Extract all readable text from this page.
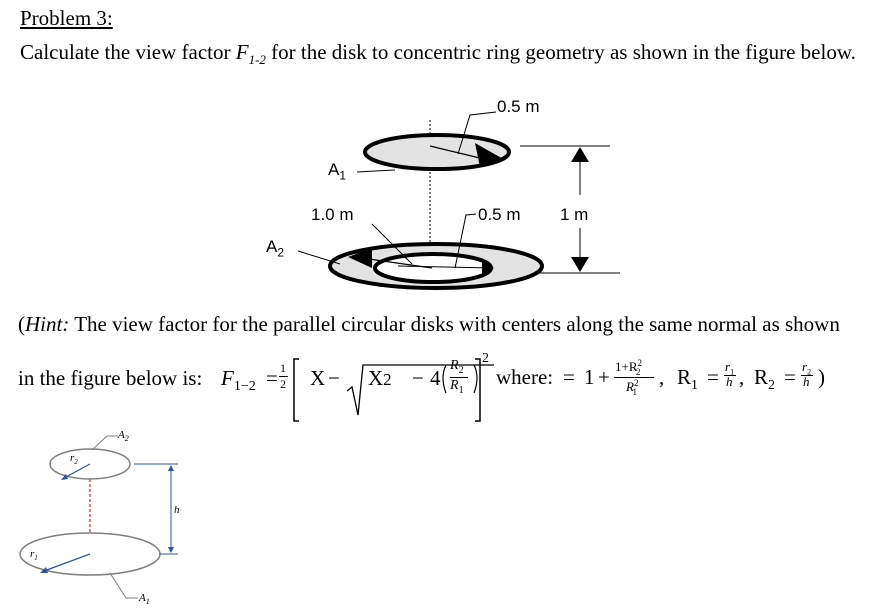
Problem 3:
Calculate the view factor $F_{1-2}$ for the disk to concentric ring geometry as shown in the figure below.
0.5 m
$A_1$
1.0 m	0.5 m 1 m
$A_2$
(Hint: The view factor for the parallel circular disks with centers along the same normal as shown
in the figure below is: $F_{1-2} = 1$
2 X − X2 − 4
$R_2$
$R_1$
2
where: = $1 + 1+R^2_2$
$R^2_1$
, $R_1 = r_1$
h , $R_2 = r_2$
h )
$A_2$
$r_2$
h
$r_1$
$A_1$
